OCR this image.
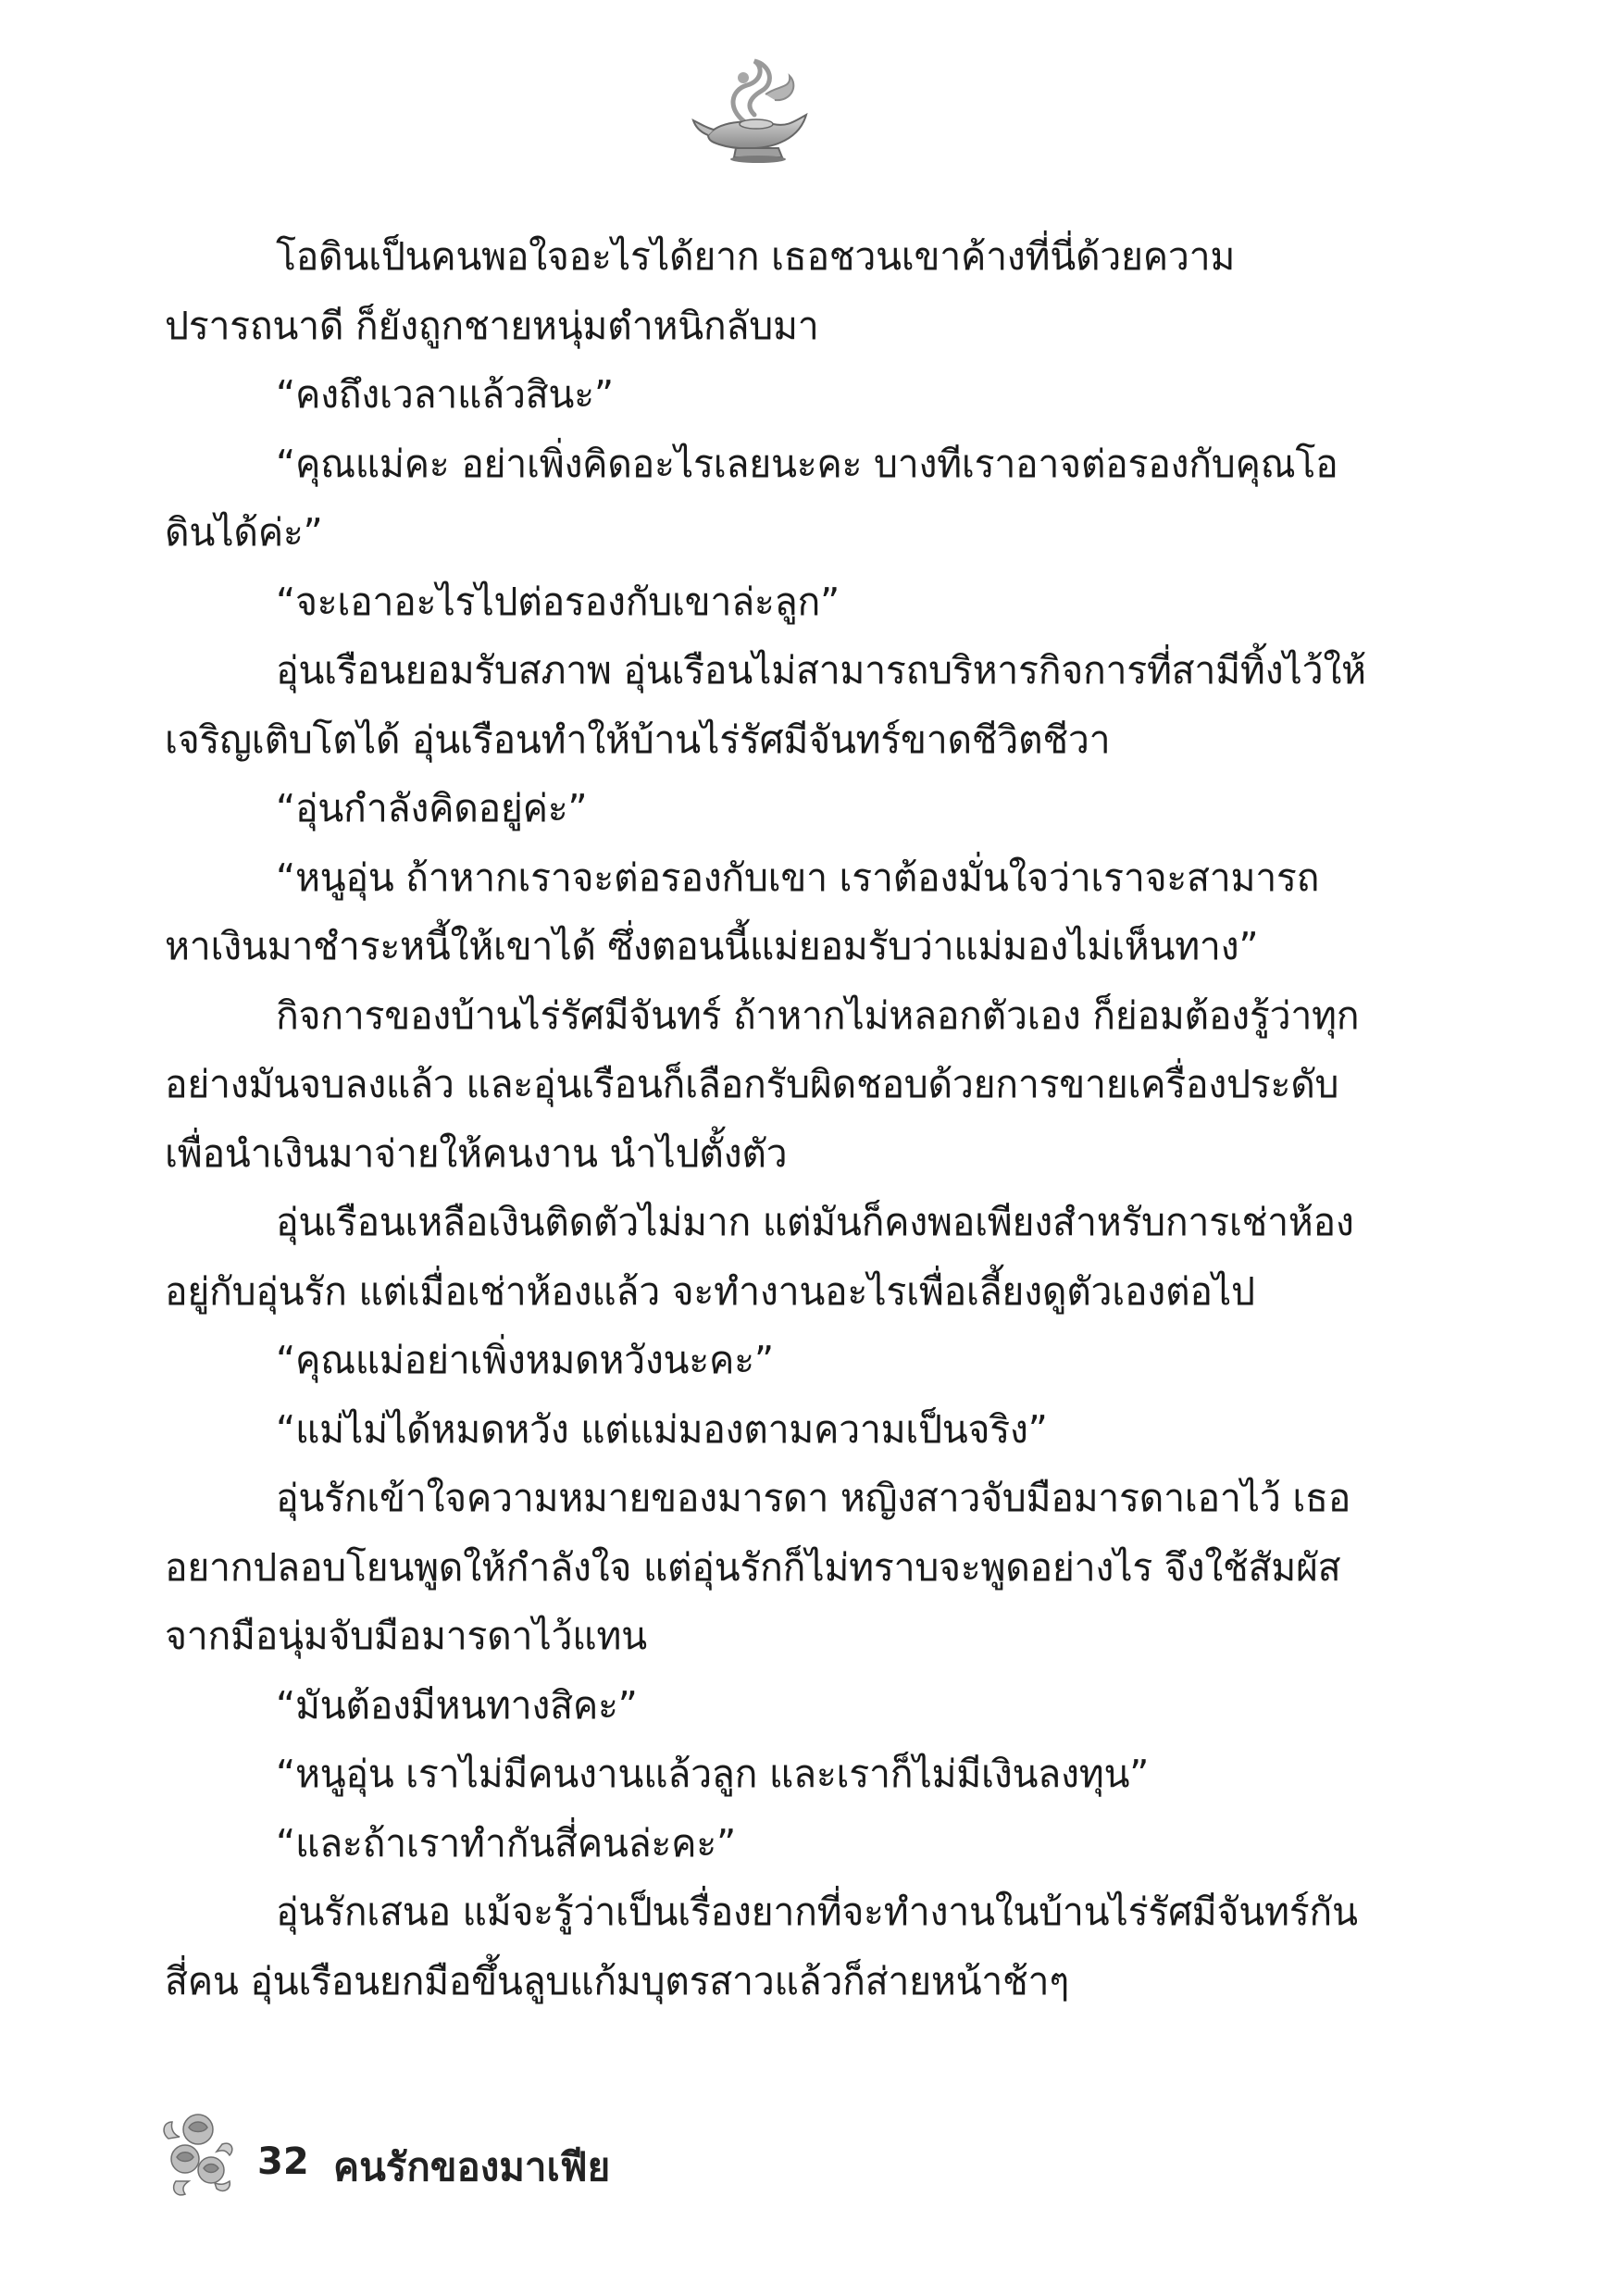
โอดินเป็นคนพอใจอะไรได้ยาก เธอชวนเขาค้างที่นี่ด้วยความปรารถนาดี ก็ยังถูกชายหนุ่มตำหนิกลับมา

“คงถึงเวลาแล้วสินะ”

“คุณแม่คะ อย่าเพิ่งคิดอะไรเลยนะคะ บางทีเราอาจต่อรองกับคุณโอดินได้ค่ะ”

“จะเอาอะไรไปต่อรองกับเขาล่ะลูก”

อุ่นเรือนยอมรับสภาพ อุ่นเรือนไม่สามารถบริหารกิจการที่สามีทิ้งไว้ให้เจริญเติบโตได้ อุ่นเรือนทำให้บ้านไร่รัศมีจันทร์ขาดชีวิตชีวา

“อุ่นกำลังคิดอยู่ค่ะ”

“หนูอุ่น ถ้าหากเราจะต่อรองกับเขา เราต้องมั่นใจว่าเราจะสามารถหาเงินมาชำระหนี้ให้เขาได้ ซึ่งตอนนี้แม่ยอมรับว่าแม่มองไม่เห็นทาง”

กิจการของบ้านไร่รัศมีจันทร์ ถ้าหากไม่หลอกตัวเอง ก็ย่อมต้องรู้ว่าทุกอย่างมันจบลงแล้ว และอุ่นเรือนก็เลือกรับผิดชอบด้วยการขายเครื่องประดับเพื่อนำเงินมาจ่ายให้คนงาน นำไปตั้งตัว

อุ่นเรือนเหลือเงินติดตัวไม่มาก แต่มันก็คงพอเพียงสำหรับการเช่าห้องอยู่กับอุ่นรัก แต่เมื่อเช่าห้องแล้ว จะทำงานอะไรเพื่อเลี้ยงดูตัวเองต่อไป

“คุณแม่อย่าเพิ่งหมดหวังนะคะ”

“แม่ไม่ได้หมดหวัง แต่แม่มองตามความเป็นจริง”

อุ่นรักเข้าใจความหมายของมารดา หญิงสาวจับมือมารดาเอาไว้ เธออยากปลอบโยนพูดให้กำลังใจ แต่อุ่นรักก็ไม่ทราบจะพูดอย่างไร จึงใช้สัมผัสจากมือนุ่มจับมือมารดาไว้แทน

“มันต้องมีหนทางสิคะ”

“หนูอุ่น เราไม่มีคนงานแล้วลูก และเราก็ไม่มีเงินลงทุน”

“และถ้าเราทำกันสี่คนล่ะคะ”

อุ่นรักเสนอ แม้จะรู้ว่าเป็นเรื่องยากที่จะทำงานในบ้านไร่รัศมีจันทร์กันสี่คน อุ่นเรือนยกมือขึ้นลูบแก้มบุตรสาวแล้วก็ส่ายหน้าช้าๆ

32 คนรักของมาเฟีย
